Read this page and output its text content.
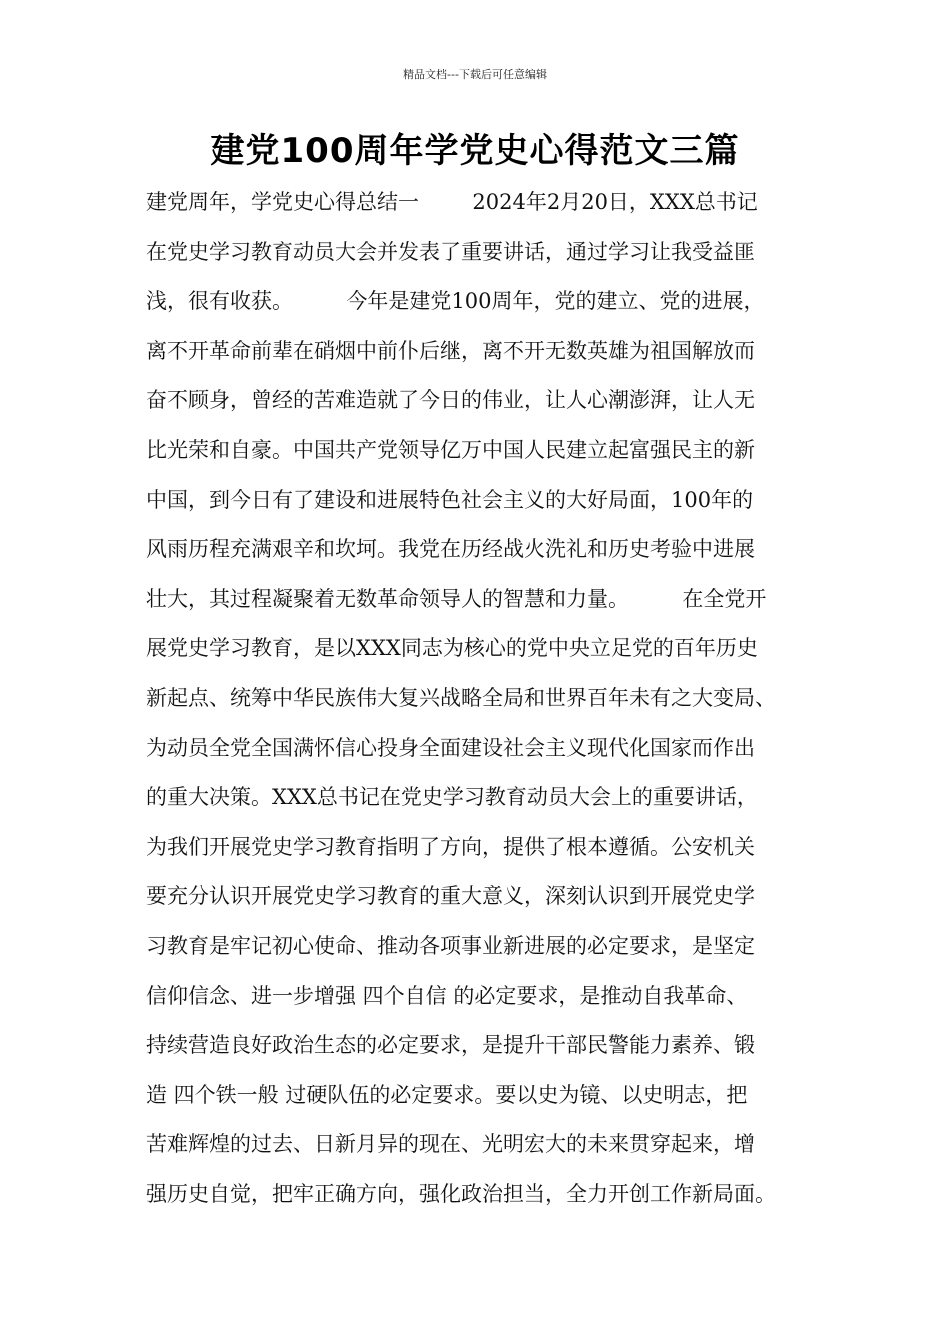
精品文档---下载后可任意编辑
建党100周年学党史心得范文三篇
建党周年，学党史心得总结一        2024年2月20日，XXX总书记
在党史学习教育动员大会并发表了重要讲话，通过学习让我受益匪
浅，很有收获。        今年是建党100周年，党的建立、党的进展，
离不开革命前辈在硝烟中前仆后继，离不开无数英雄为祖国解放而
奋不顾身，曾经的苦难造就了今日的伟业，让人心潮澎湃，让人无
比光荣和自豪。中国共产党领导亿万中国人民建立起富强民主的新
中国，到今日有了建设和进展特色社会主义的大好局面，100年的
风雨历程充满艰辛和坎坷。我党在历经战火洗礼和历史考验中进展
壮大，其过程凝聚着无数革命领导人的智慧和力量。        在全党开
展党史学习教育，是以XXX同志为核心的党中央立足党的百年历史
新起点、统筹中华民族伟大复兴战略全局和世界百年未有之大变局、
为动员全党全国满怀信心投身全面建设社会主义现代化国家而作出
的重大决策。XXX总书记在党史学习教育动员大会上的重要讲话，
为我们开展党史学习教育指明了方向，提供了根本遵循。公安机关
要充分认识开展党史学习教育的重大意义，深刻认识到开展党史学
习教育是牢记初心使命、推动各项事业新进展的必定要求，是坚定
信仰信念、进一步增强 四个自信 的必定要求，是推动自我革命、
持续营造良好政治生态的必定要求，是提升干部民警能力素养、锻
造 四个铁一般 过硬队伍的必定要求。要以史为镜、以史明志，把
苦难辉煌的过去、日新月异的现在、光明宏大的未来贯穿起来，增
强历史自觉，把牢正确方向，强化政治担当，全力开创工作新局面。
